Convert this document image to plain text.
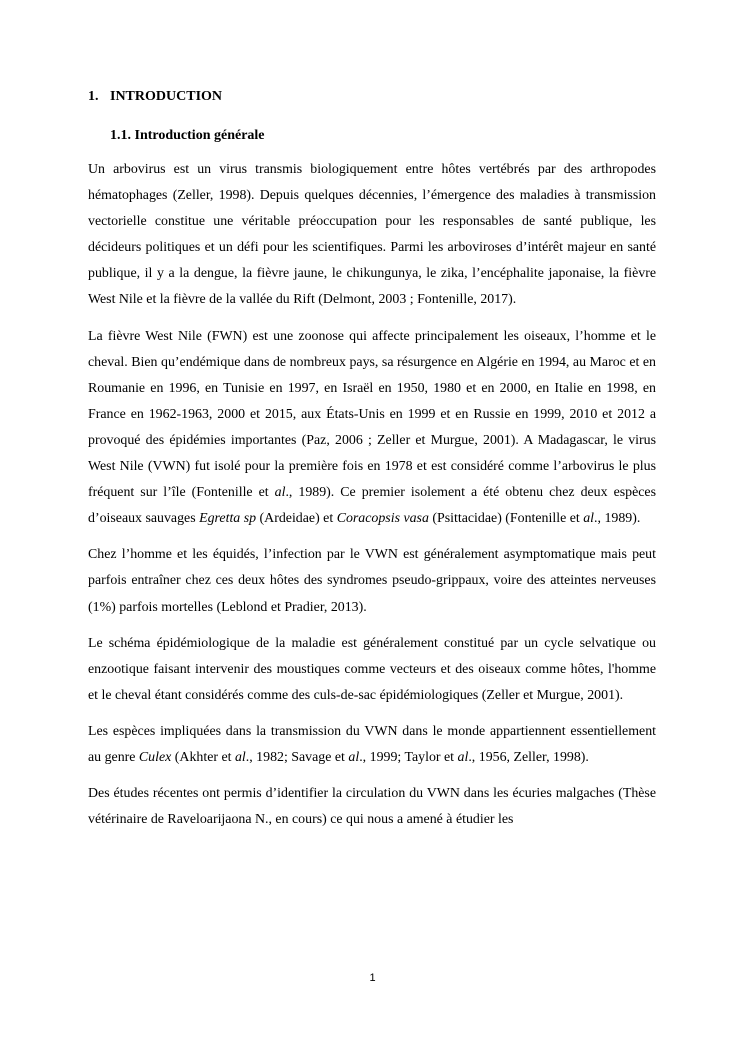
1. INTRODUCTION
1.1. Introduction générale

Un arbovirus est un virus transmis biologiquement entre hôtes vertébrés par des arthropodes hématophages (Zeller, 1998). Depuis quelques décennies, l’émergence des maladies à transmission vectorielle constitue une véritable préoccupation pour les responsables de santé publique, les décideurs politiques et un défi pour les scientifiques. Parmi les arboviroses d’intérêt majeur en santé publique, il y a la dengue, la fièvre jaune, le chikungunya, le zika, l’encéphalite japonaise, la fièvre West Nile et la fièvre de la vallée du Rift (Delmont, 2003 ; Fontenille, 2017).

La fièvre West Nile (FWN) est une zoonose qui affecte principalement les oiseaux, l’homme et le cheval. Bien qu’endémique dans de nombreux pays, sa résurgence en Algérie en 1994, au Maroc et en Roumanie en 1996, en Tunisie en 1997, en Israël en 1950, 1980 et en 2000, en Italie en 1998, en France en 1962-1963, 2000 et 2015, aux États-Unis en 1999 et en Russie en 1999, 2010 et 2012 a provoqué des épidémies importantes (Paz, 2006 ; Zeller et Murgue, 2001). A Madagascar, le virus West Nile (VWN) fut isolé pour la première fois en 1978 et est considéré comme l’arbovirus le plus fréquent sur l’île (Fontenille et al., 1989). Ce premier isolement a été obtenu chez deux espèces d’oiseaux sauvages Egretta sp (Ardeidae) et Coracopsis vasa (Psittacidae) (Fontenille et al., 1989).

Chez l’homme et les équidés, l’infection par le VWN est généralement asymptomatique mais peut parfois entraîner chez ces deux hôtes des syndromes pseudo-grippaux, voire des atteintes nerveuses (1%) parfois mortelles (Leblond et Pradier, 2013).

Le schéma épidémiologique de la maladie est généralement constitué par un cycle selvatique ou enzootique faisant intervenir des moustiques comme vecteurs et des oiseaux comme hôtes, l'homme et le cheval étant considérés comme des culs-de-sac épidémiologiques (Zeller et Murgue, 2001).

Les espèces impliquées dans la transmission du VWN dans le monde appartiennent essentiellement au genre Culex (Akhter et al., 1982; Savage et al., 1999; Taylor et al., 1956, Zeller, 1998).

Des études récentes ont permis d’identifier la circulation du VWN dans les écuries malgaches (Thèse vétérinaire de Raveloarijaona N., en cours) ce qui nous a amené à étudier les

1
